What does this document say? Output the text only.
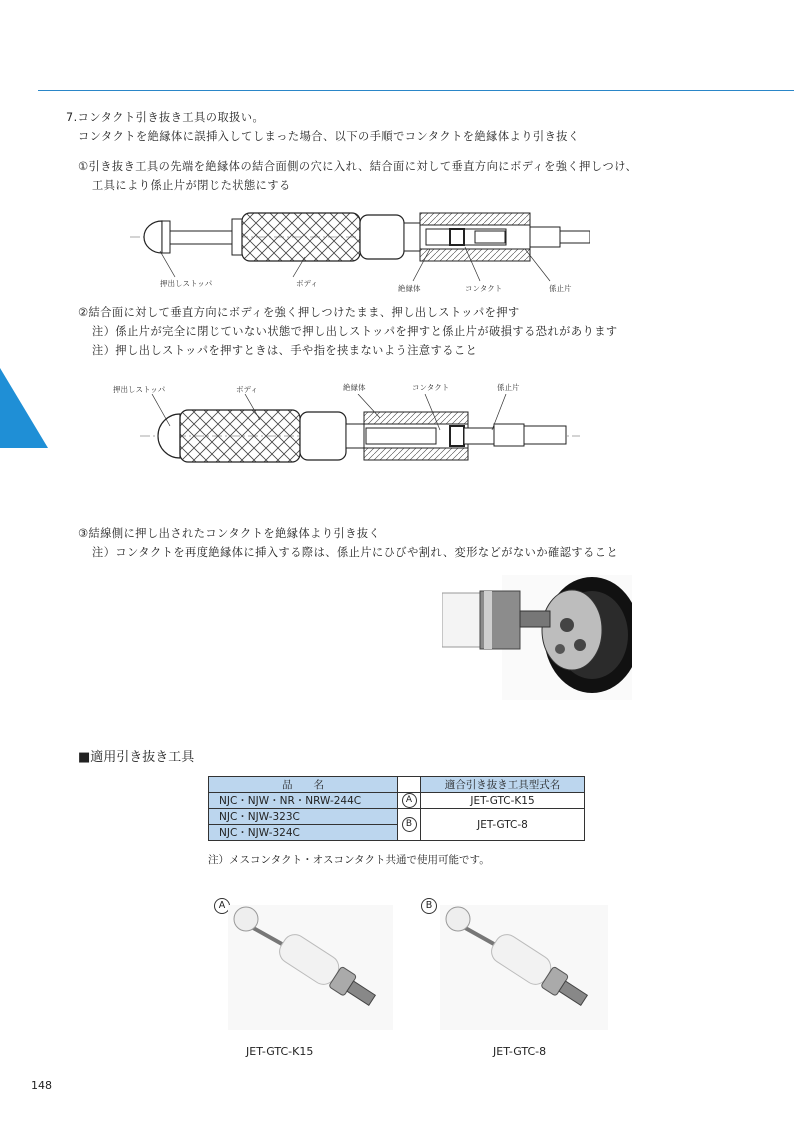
7.コンタクト引き抜き工具の取扱い。
コンタクトを絶縁体に誤挿入してしまった場合、以下の手順でコンタクトを絶縁体より引き抜く
①引き抜き工具の先端を絶縁体の結合面側の穴に入れ、結合面に対して垂直方向にボディを強く押しつけ、
工具により係止片が閉じた状態にする
押出しストッパ	ボディ
絶縁体	コンタクト	係止片
②結合面に対して垂直方向にボディを強く押しつけたまま、押し出しストッパを押す
注）係止片が完全に閉じていない状態で押し出しストッパを押すと係止片が破損する恐れがあります
注）押し出しストッパを押すときは、手や指を挟まないよう注意すること
押出しストッパ	ボディ	絶縁体	コンタクト	係止片
③結線側に押し出されたコンタクトを絶縁体より引き抜く
注）コンタクトを再度絶縁体に挿入する際は、係止片にひびや割れ、変形などがないか確認すること
■適用引き抜き工具
品　　名		適合引き抜き工具型式名
NJC・NJW・NR・NRW-244C	A	JET-GTC-K15
NJC・NJW-323C	B	JET-GTC-8
NJC・NJW-324C		
注）メスコンタクト・オスコンタクト共通で使用可能です。
A
JET-GTC-K15
B
JET-GTC-8
148
